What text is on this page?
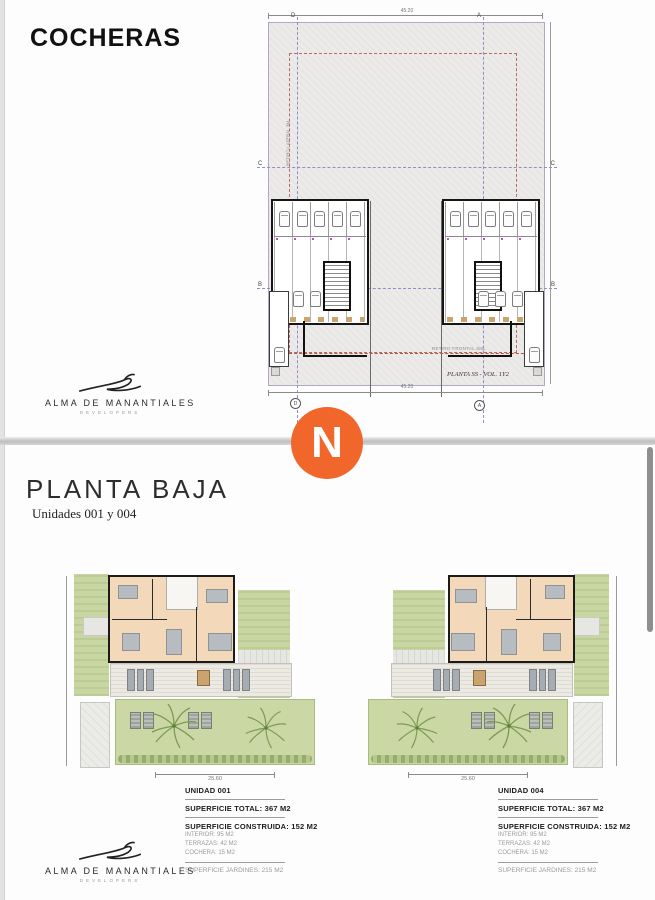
N
COCHERAS
45.20
RETIRO FRONTAL 5ML
RETIRO LATERAL 3M
D	A
C	C
B	B
PLANTA SS - VOL. 1Y2
45.20
D	A
ALMA DE MANANTIALES
DEVELOPERS
PLANTA BAJA
Unidades 001 y 004
25.60	25.60
UNIDAD 001
SUPERFICIE TOTAL: 367 M2
SUPERFICIE CONSTRUIDA: 152 M2
INTERIOR: 95 M2
TERRAZAS: 42 M2
COCHERA: 15 M2
SUPERFICIE JARDINES: 215 M2
UNIDAD 004
SUPERFICIE TOTAL: 367 M2
SUPERFICIE CONSTRUIDA: 152 M2
INTERIOR: 95 M2
TERRAZAS: 42 M2
COCHERA: 15 M2
SUPERFICIE JARDINES: 215 M2
ALMA DE MANANTIALES
DEVELOPERS
